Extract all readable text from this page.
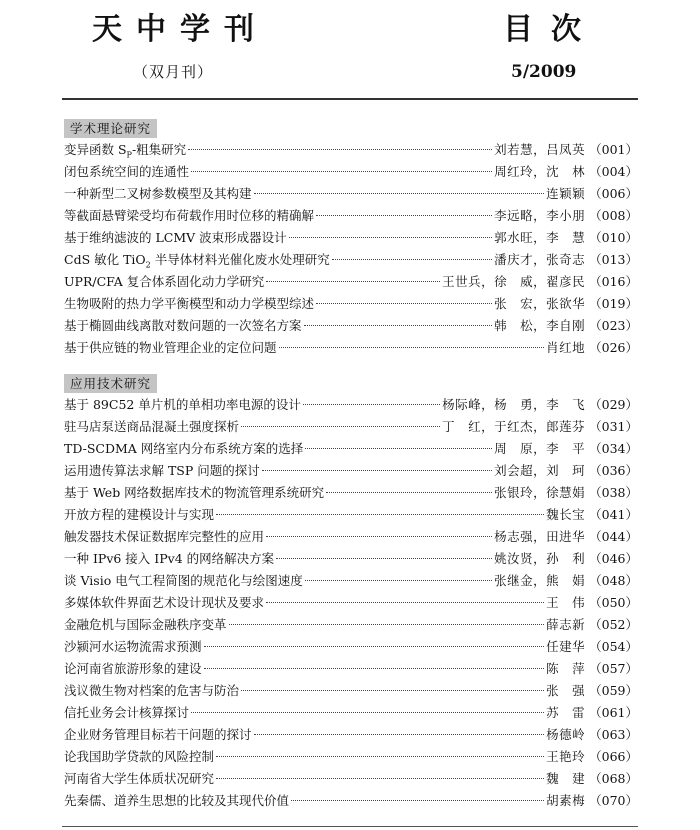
天中学刊	目次
（双月刊）	5/2009
学术理论研究
变异函数 $S_P-$粗集研究	刘若慧，吕凤英 （001）
闭包系统空间的连通性	周红玲，沈　林 （004）
一种新型二叉树参数模型及其构建	连颖颖 （006）
等截面悬臂梁受均布荷载作用时位移的精确解	李远略，李小朋 （008）
基于维纳滤波的 LCMV 波束形成器设计	郭水旺，李　慧 （010）
CdS 敏化 TiO$_2$ 半导体材料光催化废水处理研究	潘庆才，张奇志 （013）
UPR/CFA 复合体系固化动力学研究	王世兵，徐　威，翟彦民 （016）
生物吸附的热力学平衡模型和动力学模型综述	张　宏，张欲华 （019）
基于椭圆曲线离散对数问题的一次签名方案	韩　松，李自刚 （023）
基于供应链的物业管理企业的定位问题	肖红地 （026）
应用技术研究
基于 89C52 单片机的单相功率电源的设计	杨际峰，杨　勇，李　飞 （029）
驻马店泵送商品混凝土强度探析	丁　红，于红杰，郎莲芬 （031）
TD-SCDMA 网络室内分布系统方案的选择	周　原，李　平 （034）
运用遗传算法求解 TSP 问题的探讨	刘会超，刘　珂 （036）
基于 Web 网络数据库技术的物流管理系统研究	张银玲，徐慧娟 （038）
开放方程的建模设计与实现	魏长宝 （041）
触发器技术保证数据库完整性的应用	杨志强，田进华 （044）
一种 IPv6 接入 IPv4 的网络解决方案	姚汝贤，孙　利 （046）
谈 Visio 电气工程简图的规范化与绘图速度	张继金，熊　娟 （048）
多媒体软件界面艺术设计现状及要求	王　伟 （050）
金融危机与国际金融秩序变革	薛志新 （052）
沙颍河水运物流需求预测	任建华 （054）
论河南省旅游形象的建设	陈　萍 （057）
浅议微生物对档案的危害与防治	张　强 （059）
信托业务会计核算探讨	苏　雷 （061）
企业财务管理目标若干问题的探讨	杨德岭 （063）
论我国助学贷款的风险控制	王艳玲 （066）
河南省大学生体质状况研究	魏　建 （068）
先秦儒、道养生思想的比较及其现代价值	胡素梅 （070）
